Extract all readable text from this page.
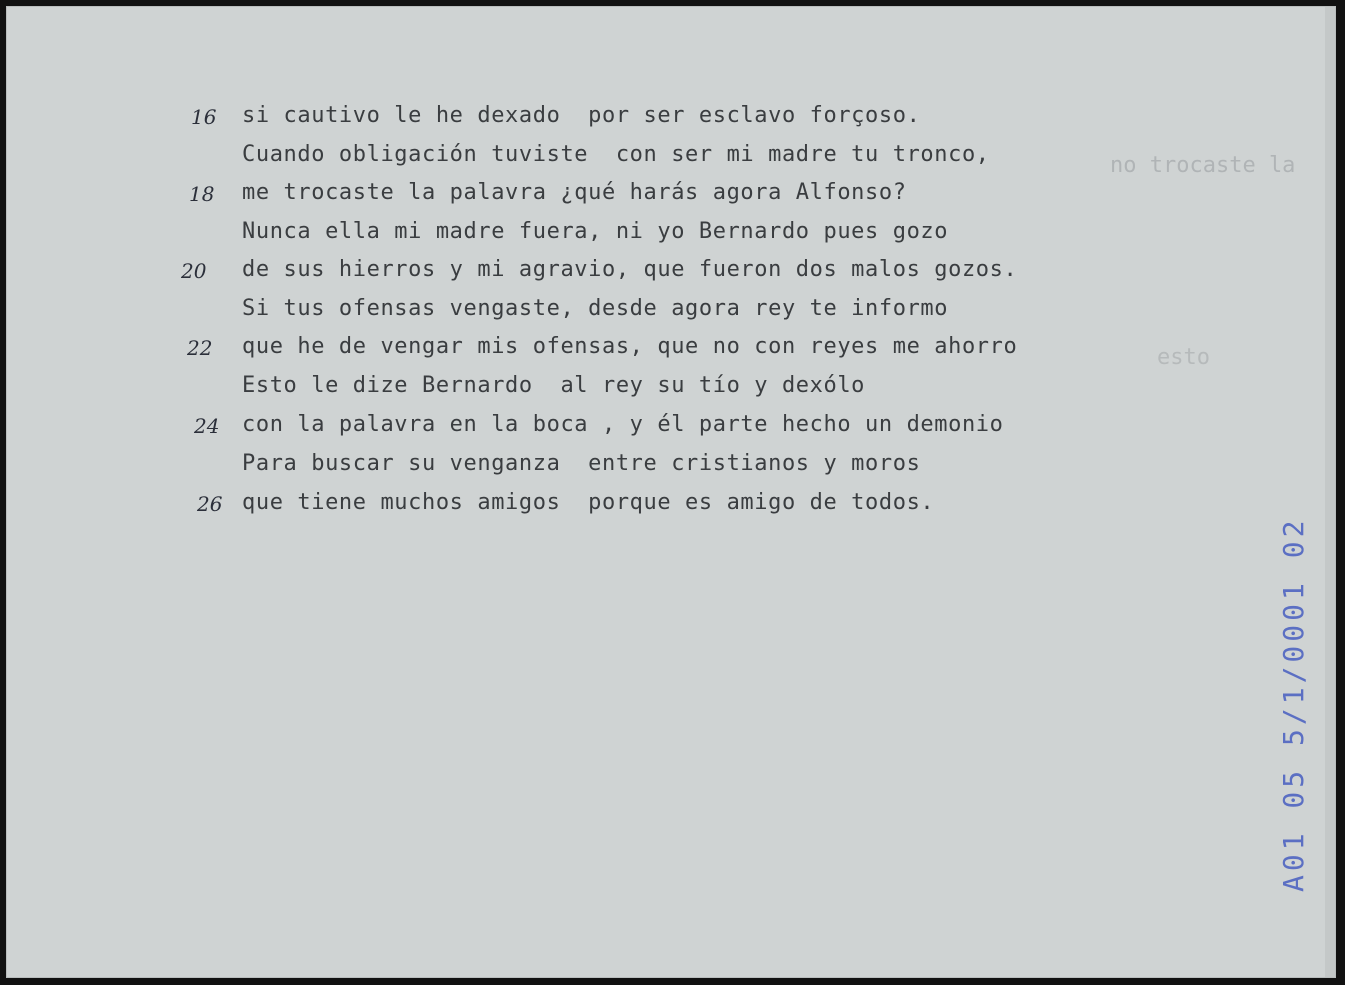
no trocaste la
esto
si cautivo le he dexado  por ser esclavo forçoso.
16
Cuando obligación tuviste  con ser mi madre tu tronco,
me trocaste la palavra ¿qué harás agora Alfonso?
18
Nunca ella mi madre fuera, ni yo Bernardo pues gozo
de sus hierros y mi agravio, que fueron dos malos gozos.
20
Si tus ofensas vengaste, desde agora rey te informo
que he de vengar mis ofensas, que no con reyes me ahorro
22
Esto le dize Bernardo  al rey su tío y dexólo
con la palavra en la boca , y él parte hecho un demonio
24
Para buscar su venganza  entre cristianos y moros
que tiene muchos amigos  porque es amigo de todos.
26
A01 05 5/1/0001 02
